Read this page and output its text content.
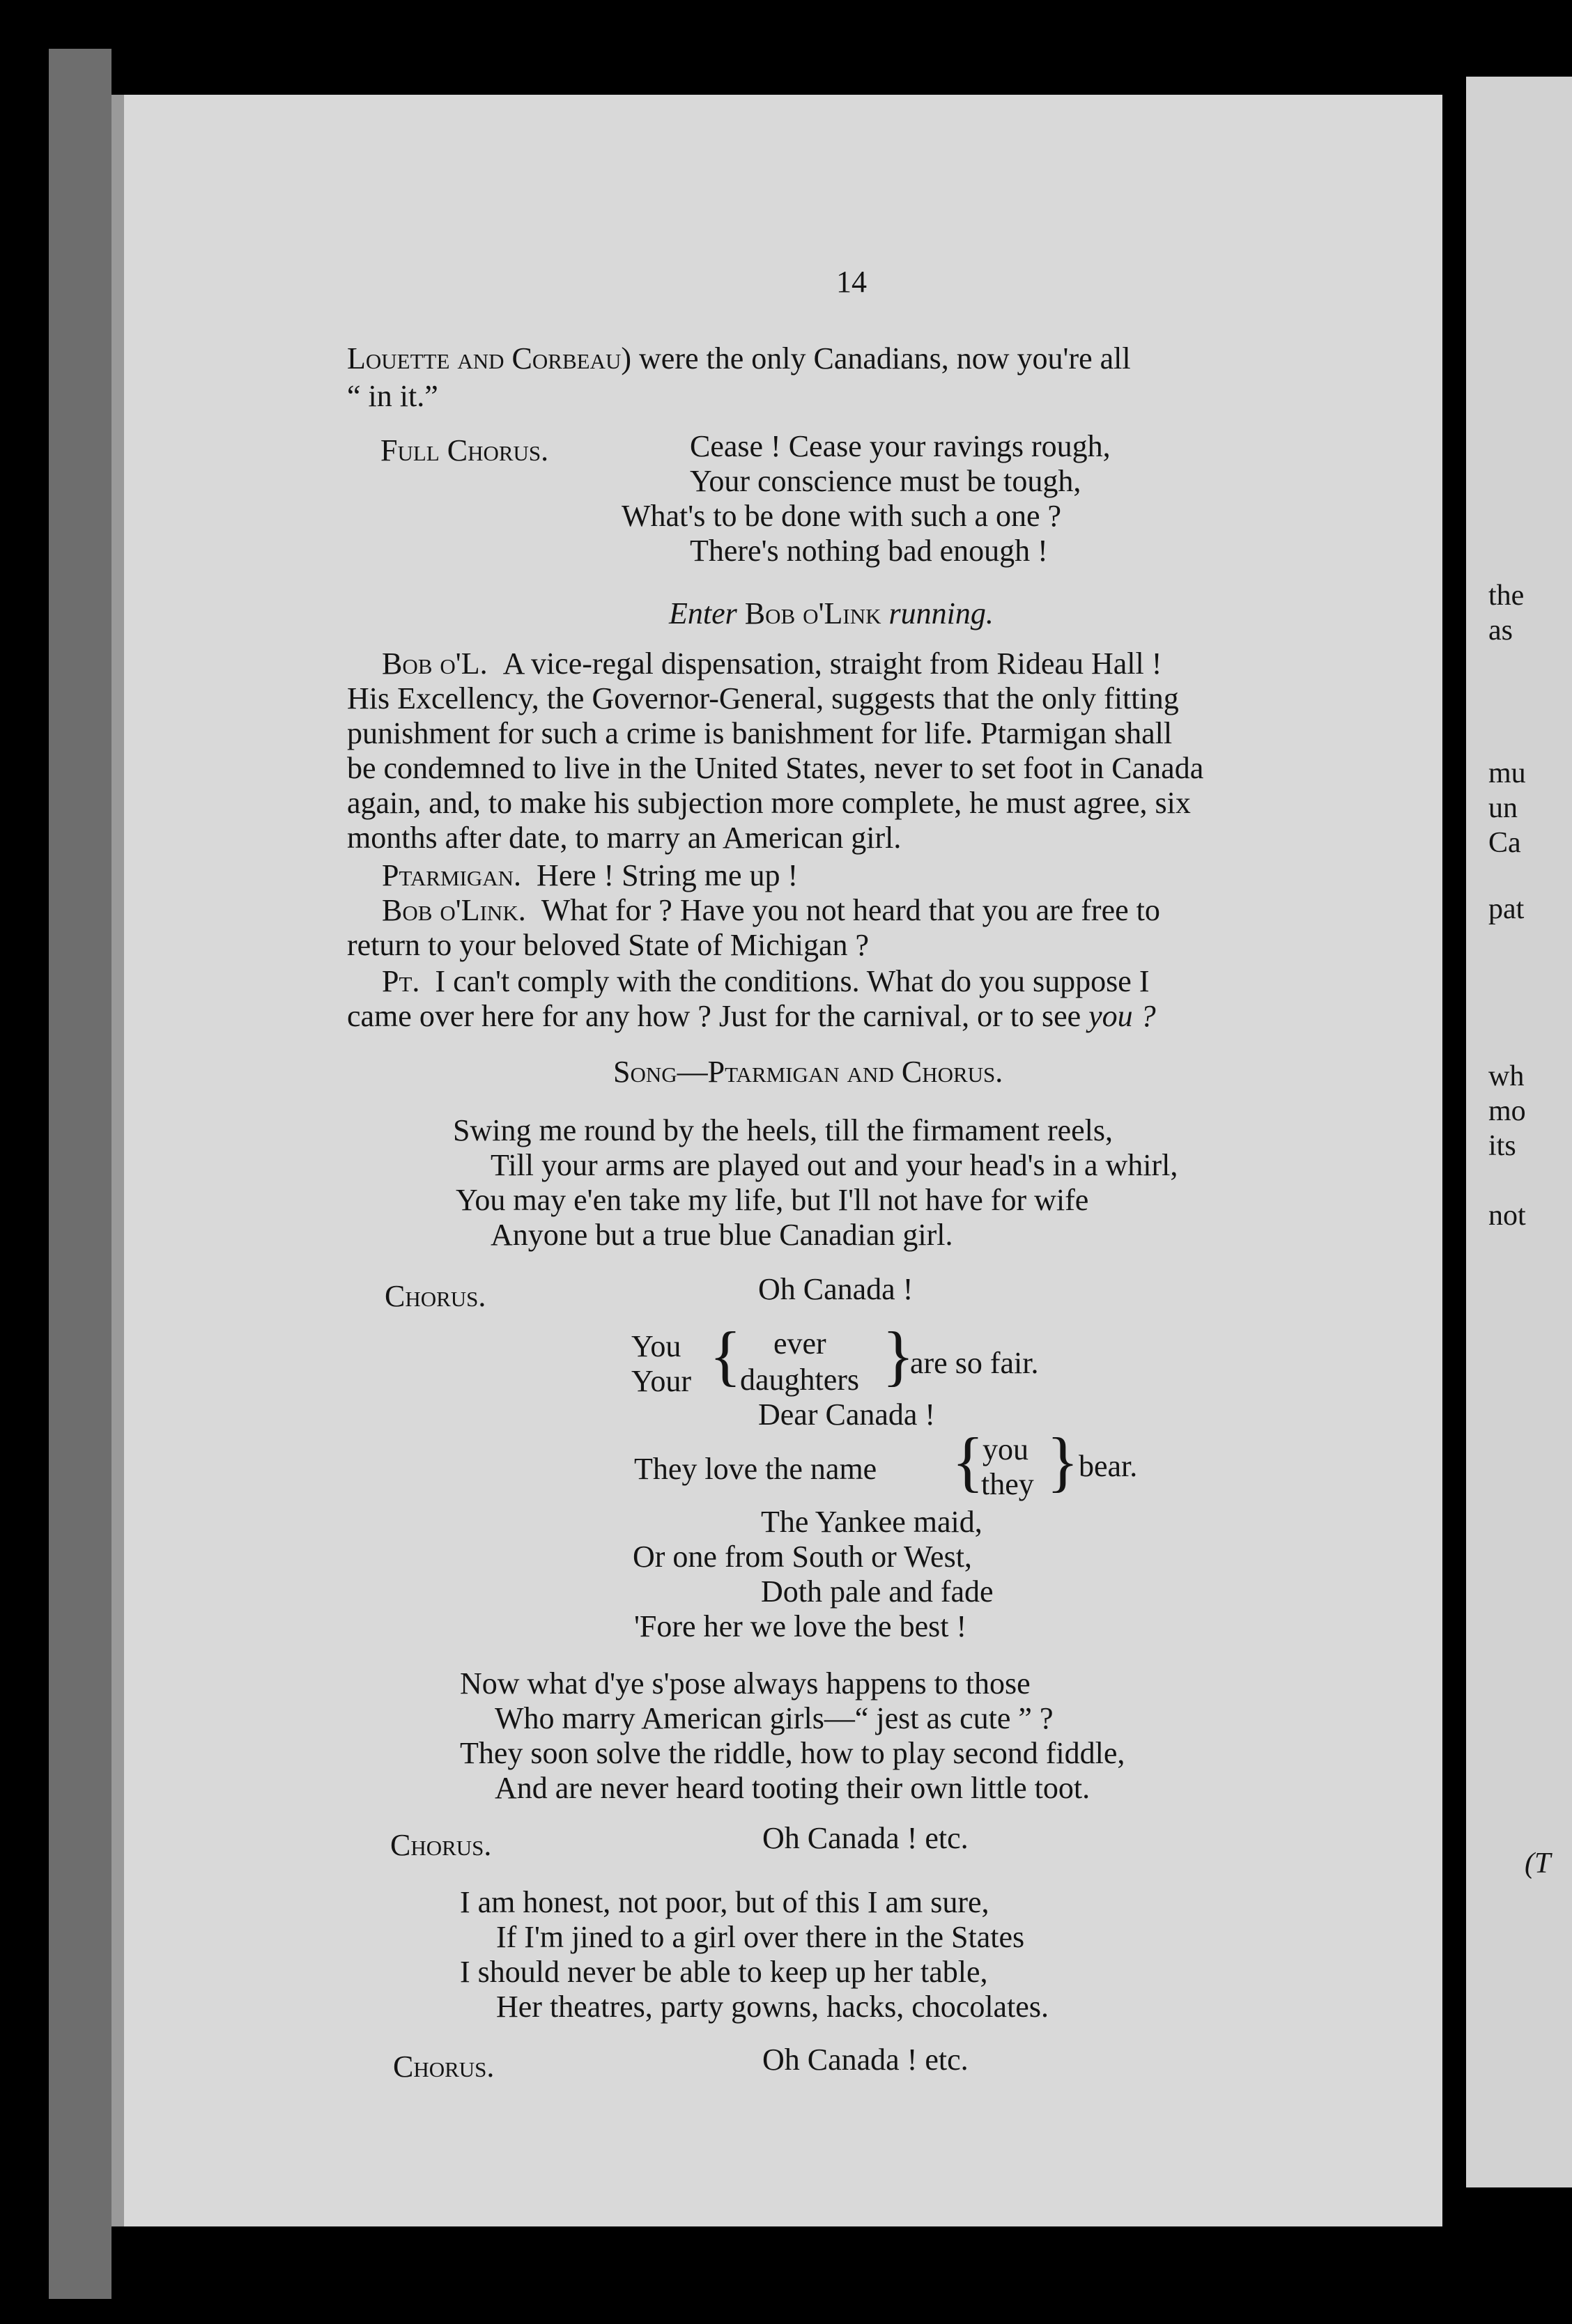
the
as
mu
un
Ca
pat
wh
mo
its
not
(T
14
Louette and Corbeau) were the only Canadians, now you're all
“ in it.”
Full Chorus.	Cease ! Cease your ravings rough,
Your conscience must be tough,
What's to be done with such a one ?
There's nothing bad enough !
Enter Bob o'Link running.
Bob o'L. A vice-regal dispensation, straight from Rideau Hall !
His Excellency, the Governor-General, suggests that the only fitting
punishment for such a crime is banishment for life. Ptarmigan shall
be condemned to live in the United States, never to set foot in Canada
again, and, to make his subjection more complete, he must agree, six
months after date, to marry an American girl.
Ptarmigan. Here ! String me up !
Bob o'Link. What for ? Have you not heard that you are free to
return to your beloved State of Michigan ?
Pt. I can't comply with the conditions. What do you suppose I
came over here for any how ? Just for the carnival, or to see you ?
Song—Ptarmigan and Chorus.
Swing me round by the heels, till the firmament reels,
Till your arms are played out and your head's in a whirl,
You may e'en take my life, but I'll not have for wife
Anyone but a true blue Canadian girl.
Chorus.	Oh Canada !
You
Your { ever
daughters }
are so fair.
Dear Canada !
They love the name {
you
they } bear.
The Yankee maid,
Or one from South or West,
Doth pale and fade
'Fore her we love the best !
Now what d'ye s'pose always happens to those
Who marry American girls—“ jest as cute ” ?
They soon solve the riddle, how to play second fiddle,
And are never heard tooting their own little toot.
Chorus.	Oh Canada ! etc.
I am honest, not poor, but of this I am sure,
If I'm jined to a girl over there in the States
I should never be able to keep up her table,
Her theatres, party gowns, hacks, chocolates.
Chorus.	Oh Canada ! etc.
